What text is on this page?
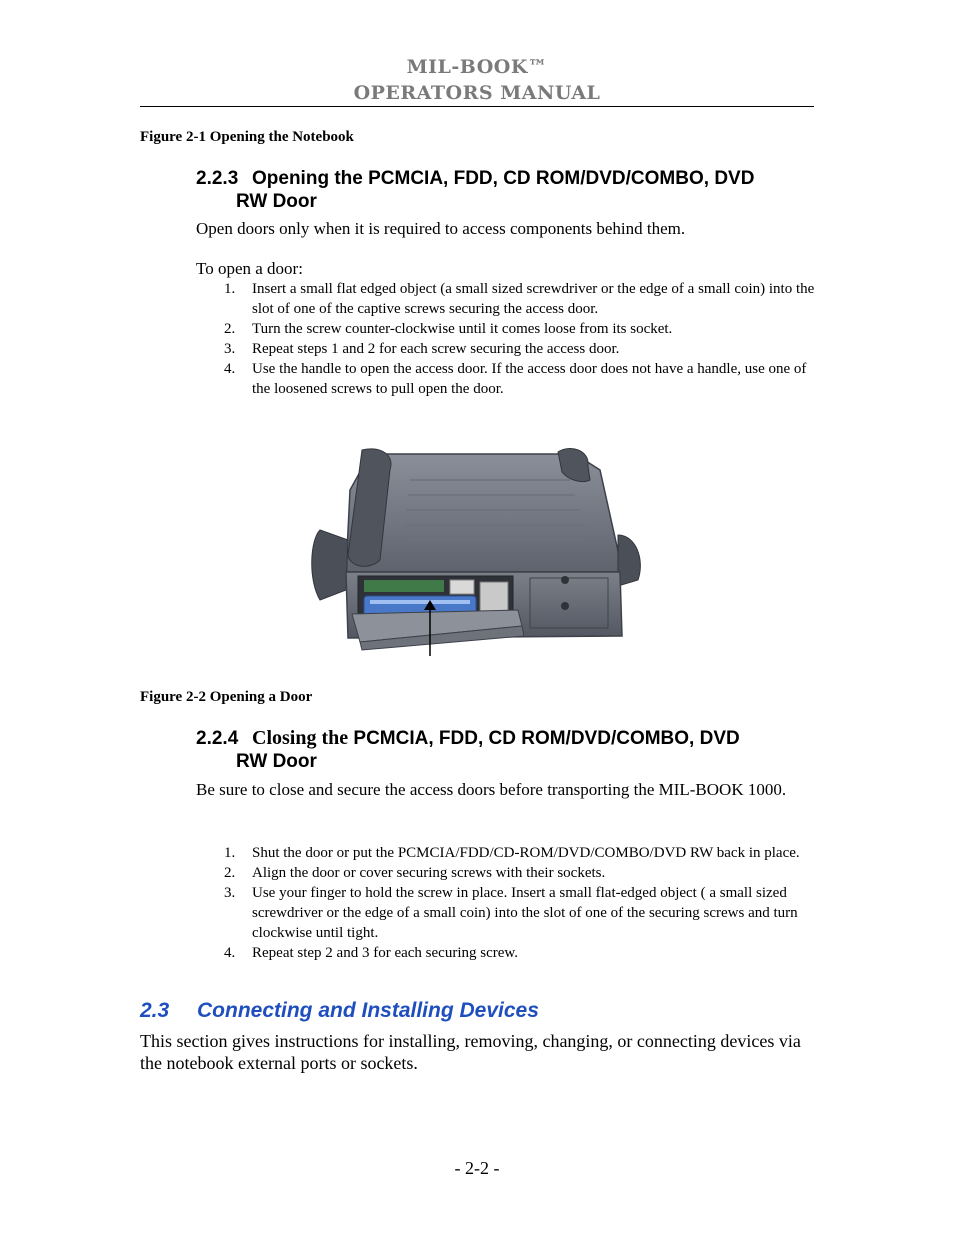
MIL-BOOK™
OPERATORS MANUAL
Figure 2-1 Opening the Notebook
2.2.3 Opening the PCMCIA, FDD, CD ROM/DVD/COMBO, DVD
RW Door
Open doors only when it is required to access components behind them.
To open a door:
1. Insert a small flat edged object (a small sized screwdriver or the edge of a small coin) into the slot of one of the captive screws securing the access door.
2. Turn the screw counter-clockwise until it comes loose from its socket.
3. Repeat steps 1 and 2 for each screw securing the access door.
4. Use the handle to open the access door. If the access door does not have a handle, use one of the loosened screws to pull open the door.
Figure 2-2 Opening a Door
2.2.4 Closing the PCMCIA, FDD, CD ROM/DVD/COMBO, DVD
RW Door
Be sure to close and secure the access doors before transporting the MIL-BOOK 1000.
1. Shut the door or put the PCMCIA/FDD/CD-ROM/DVD/COMBO/DVD RW back in place.
2. Align the door or cover securing screws with their sockets.
3. Use your finger to hold the screw in place. Insert a small flat-edged object ( a small sized screwdriver or the edge of a small coin) into the slot of one of the securing screws and turn clockwise until tight.
4. Repeat step 2 and 3 for each securing screw.
2.3 Connecting and Installing Devices
This section gives instructions for installing, removing, changing, or connecting devices via the notebook external ports or sockets.
- 2-2 -
